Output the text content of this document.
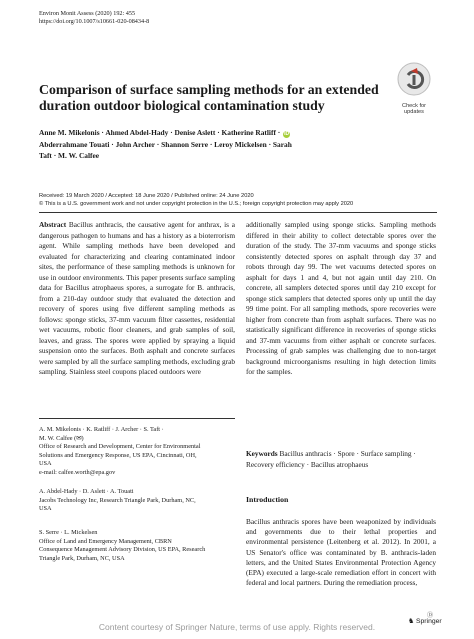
Environ Monit Assess (2020) 192: 455
https://doi.org/10.1007/s10661-020-08434-8
Check for
updates
Comparison of surface sampling methods for an extended duration outdoor biological contamination study
Anne M. Mikelonis · Ahmed Abdel-Hady · Denise Aslett · Katherine Ratliff · iD
Abderrahmane Touati · John Archer · Shannon Serre · Leroy Mickelsen · Sarah
Taft · M. W. Calfee
Received: 19 March 2020 / Accepted: 18 June 2020 / Published online: 24 June 2020
© This is a U.S. government work and not under copyright protection in the U.S.; foreign copyright protection may apply 2020
Abstract Bacillus anthracis, the causative agent for anthrax, is a dangerous pathogen to humans and has a history as a bioterrorism agent. While sampling methods have been developed and evaluated for characterizing and clearing contaminated indoor sites, the performance of these sampling methods is unknown for use in outdoor environments. This paper presents surface sampling data for Bacillus atrophaeus spores, a surrogate for B. anthracis, from a 210-day outdoor study that evaluated the detection and recovery of spores using five different sampling methods as follows: sponge sticks, 37-mm vacuum filter cassettes, residential wet vacuums, robotic floor cleaners, and grab samples of soil, leaves, and grass. The spores were applied by spraying a liquid suspension onto the surfaces. Both asphalt and concrete surfaces were sampled by all the surface sampling methods, excluding grab sampling. Stainless steel coupons placed outdoors were
additionally sampled using sponge sticks. Sampling methods differed in their ability to collect detectable spores over the duration of the study. The 37-mm vacuums and sponge sticks consistently detected spores on asphalt through day 37 and robots through day 99. The wet vacuums detected spores on asphalt for days 1 and 4, but not again until day 210. On concrete, all samplers detected spores until day 210 except for sponge stick samplers that detected spores only up until the day 99 time point. For all sampling methods, spore recoveries were higher from concrete than from asphalt surfaces. There was no statistically significant difference in recoveries of sponge sticks and 37-mm vacuums from either asphalt or concrete surfaces. Processing of grab samples was challenging due to non-target background microorganisms resulting in high detection limits for the samples.
A. M. Mikelonis · K. Ratliff · J. Archer · S. Taft ·
M. W. Calfee (✉)
Office of Research and Development, Center for Environmental
Solutions and Emergency Response, US EPA, Cincinnati, OH,
USA
e-mail: calfee.worth@epa.gov
A. Abdel-Hady · D. Aslett · A. Touati
Jacobs Technology Inc, Research Triangle Park, Durham, NC,
USA
S. Serre · L. Mickelsen
Office of Land and Emergency Management, CBRN
Consequence Management Advisory Division, US EPA, Research
Triangle Park, Durham, NC, USA
Keywords Bacillus anthracis · Spore · Surface sampling · Recovery efficiency · Bacillus atrophaeus
Introduction
Bacillus anthracis spores have been weaponized by individuals and governments due to their lethal properties and environmental persistence (Leitenberg et al. 2012). In 2001, a US Senator's office was contaminated by B. anthracis-laden letters, and the United States Environmental Protection Agency (EPA) executed a large-scale remediation effort in concert with federal and local partners. During the remediation process,
Ⓓ
♞ Springer
Content courtesy of Springer Nature, terms of use apply. Rights reserved.
